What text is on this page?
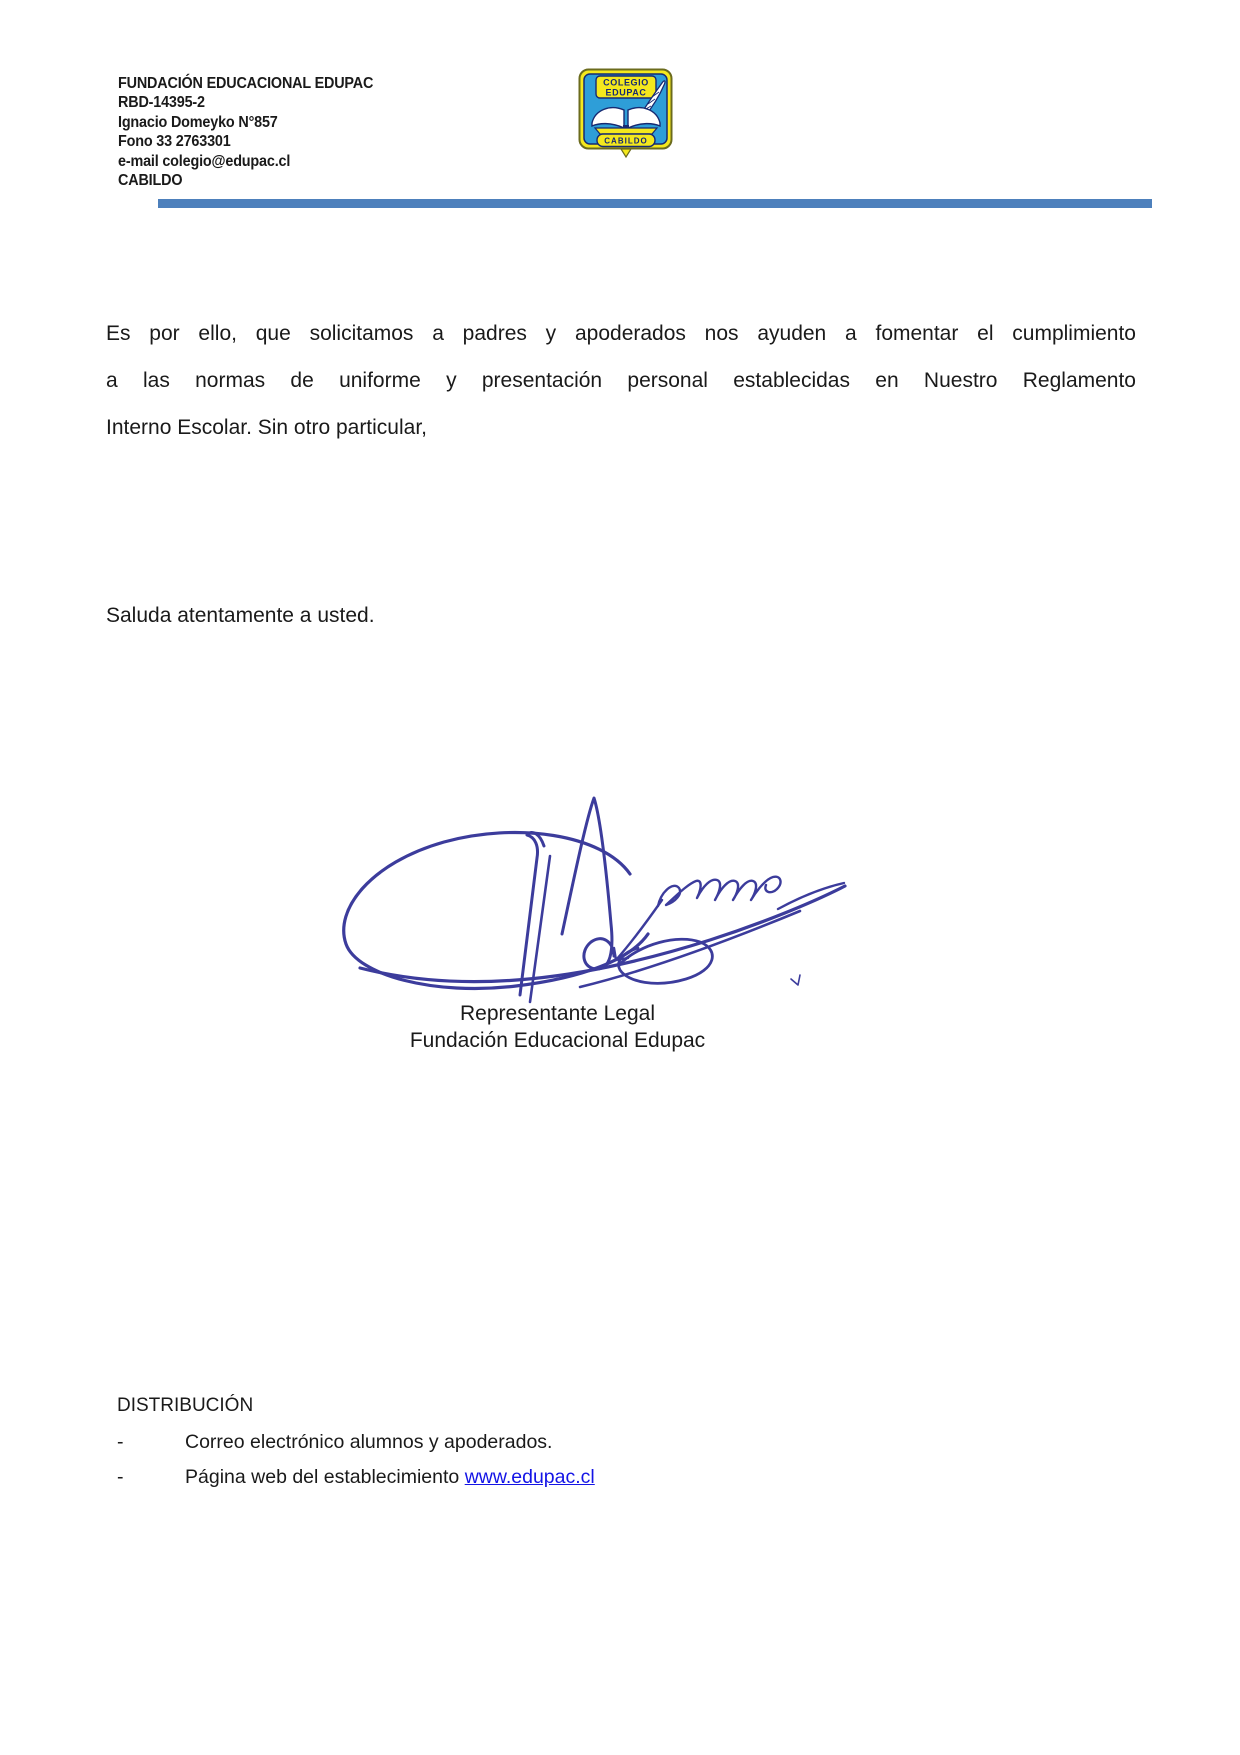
FUNDACIÓN EDUCACIONAL EDUPAC
RBD-14395-2
Ignacio Domeyko N°857
Fono 33 2763301
e-mail colegio@edupac.cl
CABILDO
COLEGIO
EDUPAC
CABILDO
Es por ello, que solicitamos a padres y apoderados nos ayuden a fomentar el cumplimiento
a las normas de uniforme y presentación personal establecidas en Nuestro Reglamento
Interno Escolar. Sin otro particular,
Saluda atentamente a usted.
Representante Legal
Fundación Educacional Edupac
DISTRIBUCIÓN
-	Correo electrónico alumnos y apoderados.
-	Página web del establecimiento www.edupac.cl
